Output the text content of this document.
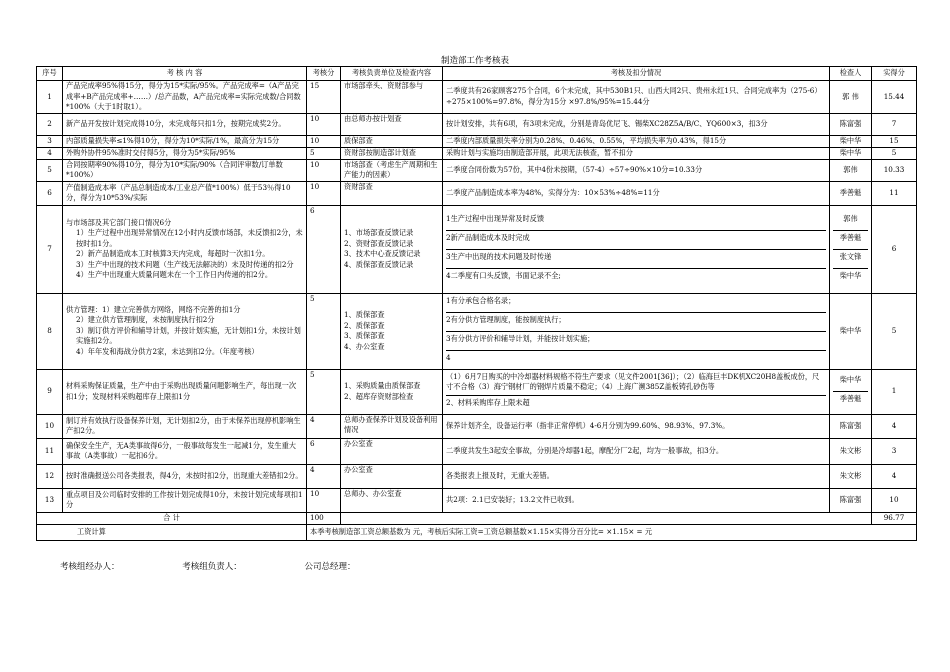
制造部工作考核表
序号	考 核 内 容	考核分	考核负责单位及检查内容	考核及扣分情况	检查人	实得分
1	产品完成率95%得15分，得分为15*实际/95%。产品完成率=（A产品完成率+B产品完成率+……）/总产品数，A产品完成率=实际完成数/合同数*100%（大于1时取1）。	15	市场部牵头、资财部参与	二季度共有26家顾客275个合同，6个未完成，其中530B1只、山西大同2只、贵州永红1只、合同完成率为（275-6）÷275×100%=97.8%，得分为15分 ×97.8%/95%=15.44分	郭 伟	15.44
2	新产品开发按计划完成得10分，未完成每只扣1分，按期完成奖2分。	10	由总师办按计划查	按计划安排，共有6项，有3项未完成，分别是青岛优尼飞、锡柴XC28Z5A/B/C、YQ600×3，扣3分	陈富强	7
3	内部质量损失率≤1%得10分，得分为10*实际/1%，最高分为15分	10	质保部查	二季度内部质量损失率分别为0.28%、0.46%、0.55%，平均损失率为0.43%，得15分	柴中华	15
4	外购外协件95%准时交付得5分，得分为5*实际/95%	5	资财部按制造部计划查	采购计划与实施均由制造部开展，此项无法核查，暂不扣分	柴中华	5
5	合同按期率90%得10分，得分为10*实际/90%（合同评审数/订单数*100%）	10	市场部查（考虑生产周期和生产能力的因素）	二季度合同份数为57份，其中4份未按期，（57-4）÷57÷90%×10分=10.33分	郭伟	10.33
6	产值制造成本率（产品总制造成本/工业总产值*100%）低于53％得10分，得分为10*53%/实际	10	资财部查	二季度产品制造成本率为48%，实得分为：10×53%÷48%=11分	季善魁	11
7	与市场部及其它部门接口情况6分
1）生产过程中出现异常情况在12小时内反馈市场部，未反馈扣2分，未按时扣1分。
2）新产品制造成本工时核算3天内完成，每超时一次扣1分。
3）生产中出现的技术问题（生产线无法解决的）未及时传递的扣2分
4）生产中出现重大质量问题未在一个工作日内传递的扣2分。	6	1、市场部查反馈记录
2、资财部查反馈记录
3、技术中心查反馈记录
4、质保部查反馈记录	1生产过程中出现异常及时反馈
2新产品制造成本及时完成
3生产中出现的技术问题及时传递
4二季度有口头反馈，书面记录不全;	郭伟
季善魁
张文锋
柴中华	6
8	供方管理：1）建立完善供方网络，网络不完善的扣1分
2）建立供方管理制度，未按制度执行扣2分
3）制订供方评价和辅导计划，并按计划实施，无计划扣1分，未按计划实施扣2分。
4）年年发和海战分供方2家，未达到扣2分。（年度考核）	5	1、质保部查
2、质保部查
3、质保部查
4、办公室查	1有分承包合格名录；
2有分供方管理制度，能按制度执行；
3有分供方评价和辅导计划，并能按计划实施；
4	柴中华	5
9	材料采购保证质量，生产中由于采购出现质量问题影响生产，每出现一次扣1分；发现材料采购超库存上限扣1分	5	1、采购质量由质保部查
2、超库存资财部检查	（1）6月7日购买的中冷却器材料规格不符生产要求（见文件2001[36]）；（2）临海巨丰DK机XC20H8盖板成份，尺寸不合格（3）海宁钢材厂的钢焊片质量不稳定；（4）上海广濒385Z盖板铸孔砂伤等
2、材料采购库存上限未超	柴中华
季善魁	1
10	制订并有效执行设备保养计划，无计划扣2分，由于未保养出现停机影响生产扣2分。	4	总师办查保养计划及设备利用情况	保养计划齐全，设备运行率（指非正常停机）4-6月分别为99.60%、98.93%、97.3%。	陈富强	4
11	确保安全生产，无A类事故得6分，一般事故每发生一起减1分，发生重大事故（A类事故）一起扣6分。	6	办公室查	二季度共发生3起安全事故，分别是冷却器1起，摩配分厂2起，均为一般事故，扣3分。	朱文彬	3
12	按时准确报送公司各类报表，得4分，未按时扣2分，出现重大差错扣2分。	4	办公室查	各类报表上报及时，无重大差错。	朱文彬	4
13	重点项目及公司临时安排的工作按计划完成得10分，未按计划完成每项扣1分	10	总师办、办公室查	共2项：2.1已安装好；13.2文件已收到。	陈富强	10
合 计		100				96.77
工资计算		本季考核制造部工资总额基数为 元，考核后实际工资=工资总额基数×1.15×实得分百分比= ×1.15× = 元				
考核组经办人：	考核组负责人：	公司总经理：
